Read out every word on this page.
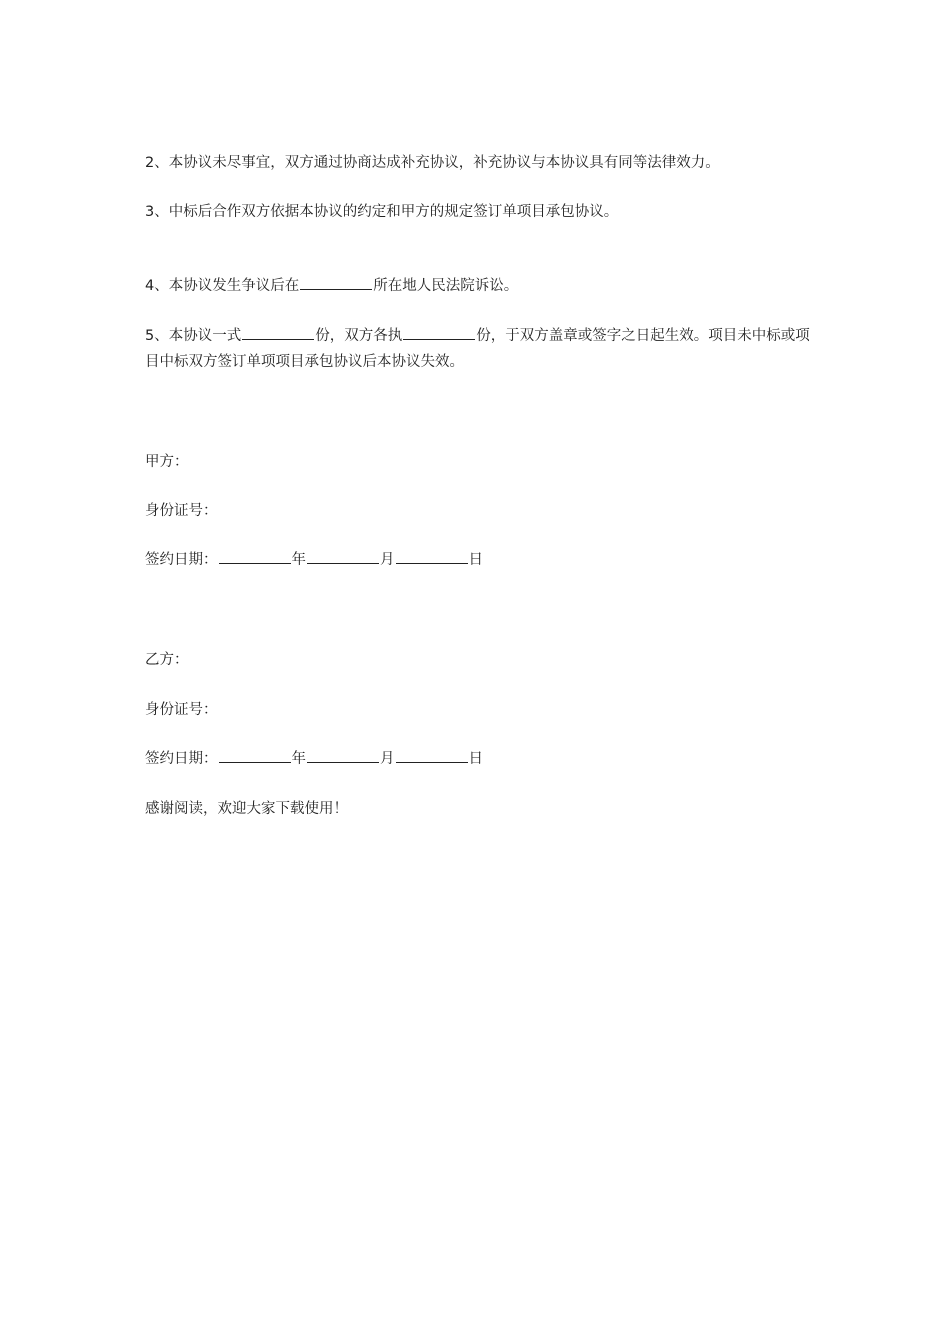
2、本协议未尽事宜，双方通过协商达成补充协议，补充协议与本协议具有同等法律效力。

3、中标后合作双方依据本协议的约定和甲方的规定签订单项目承包协议。

4、本协议发生争议后在	所在地人民法院诉讼。

5、本协议一式	份，双方各执	份，于双方盖章或签字之日起生效。项目未中标或项目中标双方签订单项项目承包协议后本协议失效。

甲方：

身份证号：

签约日期：	年	月	日

乙方：

身份证号：

签约日期：	年	月	日

感谢阅读，欢迎大家下载使用！
